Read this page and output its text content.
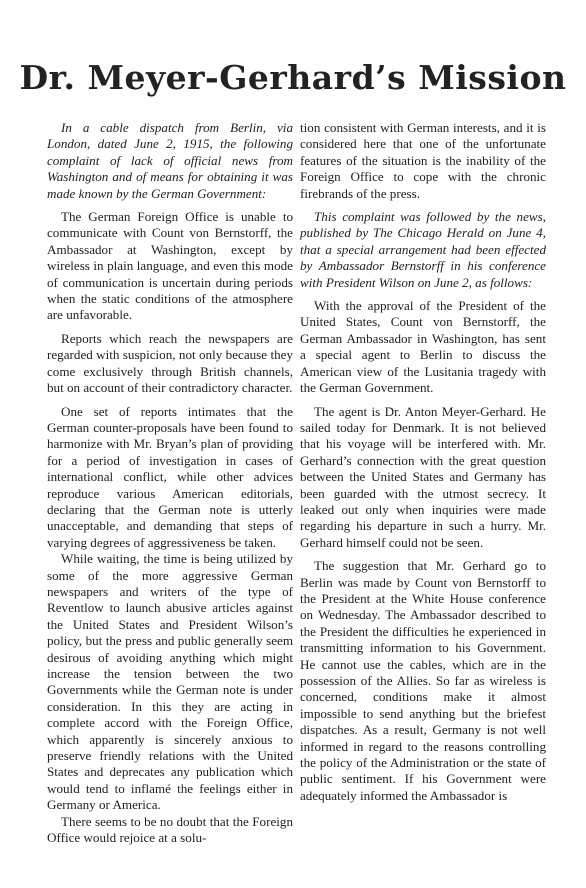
Dr. Meyer-Gerhard’s Mission

In a cable dispatch from Berlin, via London, dated June 2, 1915, the following complaint of lack of official news from Washington and of means for obtaining it was made known by the German Government:

The German Foreign Office is unable to communicate with Count von Bernstorff, the Ambassador at Washington, except by wireless in plain language, and even this mode of communication is uncertain during periods when the static conditions of the atmosphere are unfavorable.

Reports which reach the newspapers are regarded with suspicion, not only because they come exclusively through British channels, but on account of their contradictory character.

One set of reports intimates that the German counter-proposals have been found to harmonize with Mr. Bryan’s plan of providing for a period of investigation in cases of international conflict, while other advices reproduce various American editorials, declaring that the German note is utterly unacceptable, and demanding that steps of varying degrees of aggressiveness be taken.

While waiting, the time is being utilized by some of the more aggressive German newspapers and writers of the type of Reventlow to launch abusive articles against the United States and President Wilson’s policy, but the press and public generally seem desirous of avoiding anything which might increase the tension between the two Governments while the German note is under consideration. In this they are acting in complete accord with the Foreign Office, which apparently is sincerely anxious to preserve friendly relations with the United States and deprecates any publication which would tend to inflamé the feelings either in Germany or America.

There seems to be no doubt that the Foreign Office would rejoice at a solu-

tion consistent with German interests, and it is considered here that one of the unfortunate features of the situation is the inability of the Foreign Office to cope with the chronic firebrands of the press.

This complaint was followed by the news, published by The Chicago Herald on June 4, that a special arrangement had been effected by Ambassador Bernstorff in his conference with President Wilson on June 2, as follows:

With the approval of the President of the United States, Count von Bernstorff, the German Ambassador in Washington, has sent a special agent to Berlin to discuss the American view of the Lusitania tragedy with the German Government.

The agent is Dr. Anton Meyer-Gerhard. He sailed today for Denmark. It is not believed that his voyage will be interfered with. Mr. Gerhard’s connection with the great question between the United States and Germany has been guarded with the utmost secrecy. It leaked out only when inquiries were made regarding his departure in such a hurry. Mr. Gerhard himself could not be seen.

The suggestion that Mr. Gerhard go to Berlin was made by Count von Bernstorff to the President at the White House conference on Wednesday. The Ambassador described to the President the difficulties he experienced in transmitting information to his Government. He cannot use the cables, which are in the possession of the Allies. So far as wireless is concerned, conditions make it almost impossible to send anything but the briefest dispatches. As a result, Germany is not well informed in regard to the reasons controlling the policy of the Administration or the state of public sentiment. If his Government were adequately informed the Ambassador is
